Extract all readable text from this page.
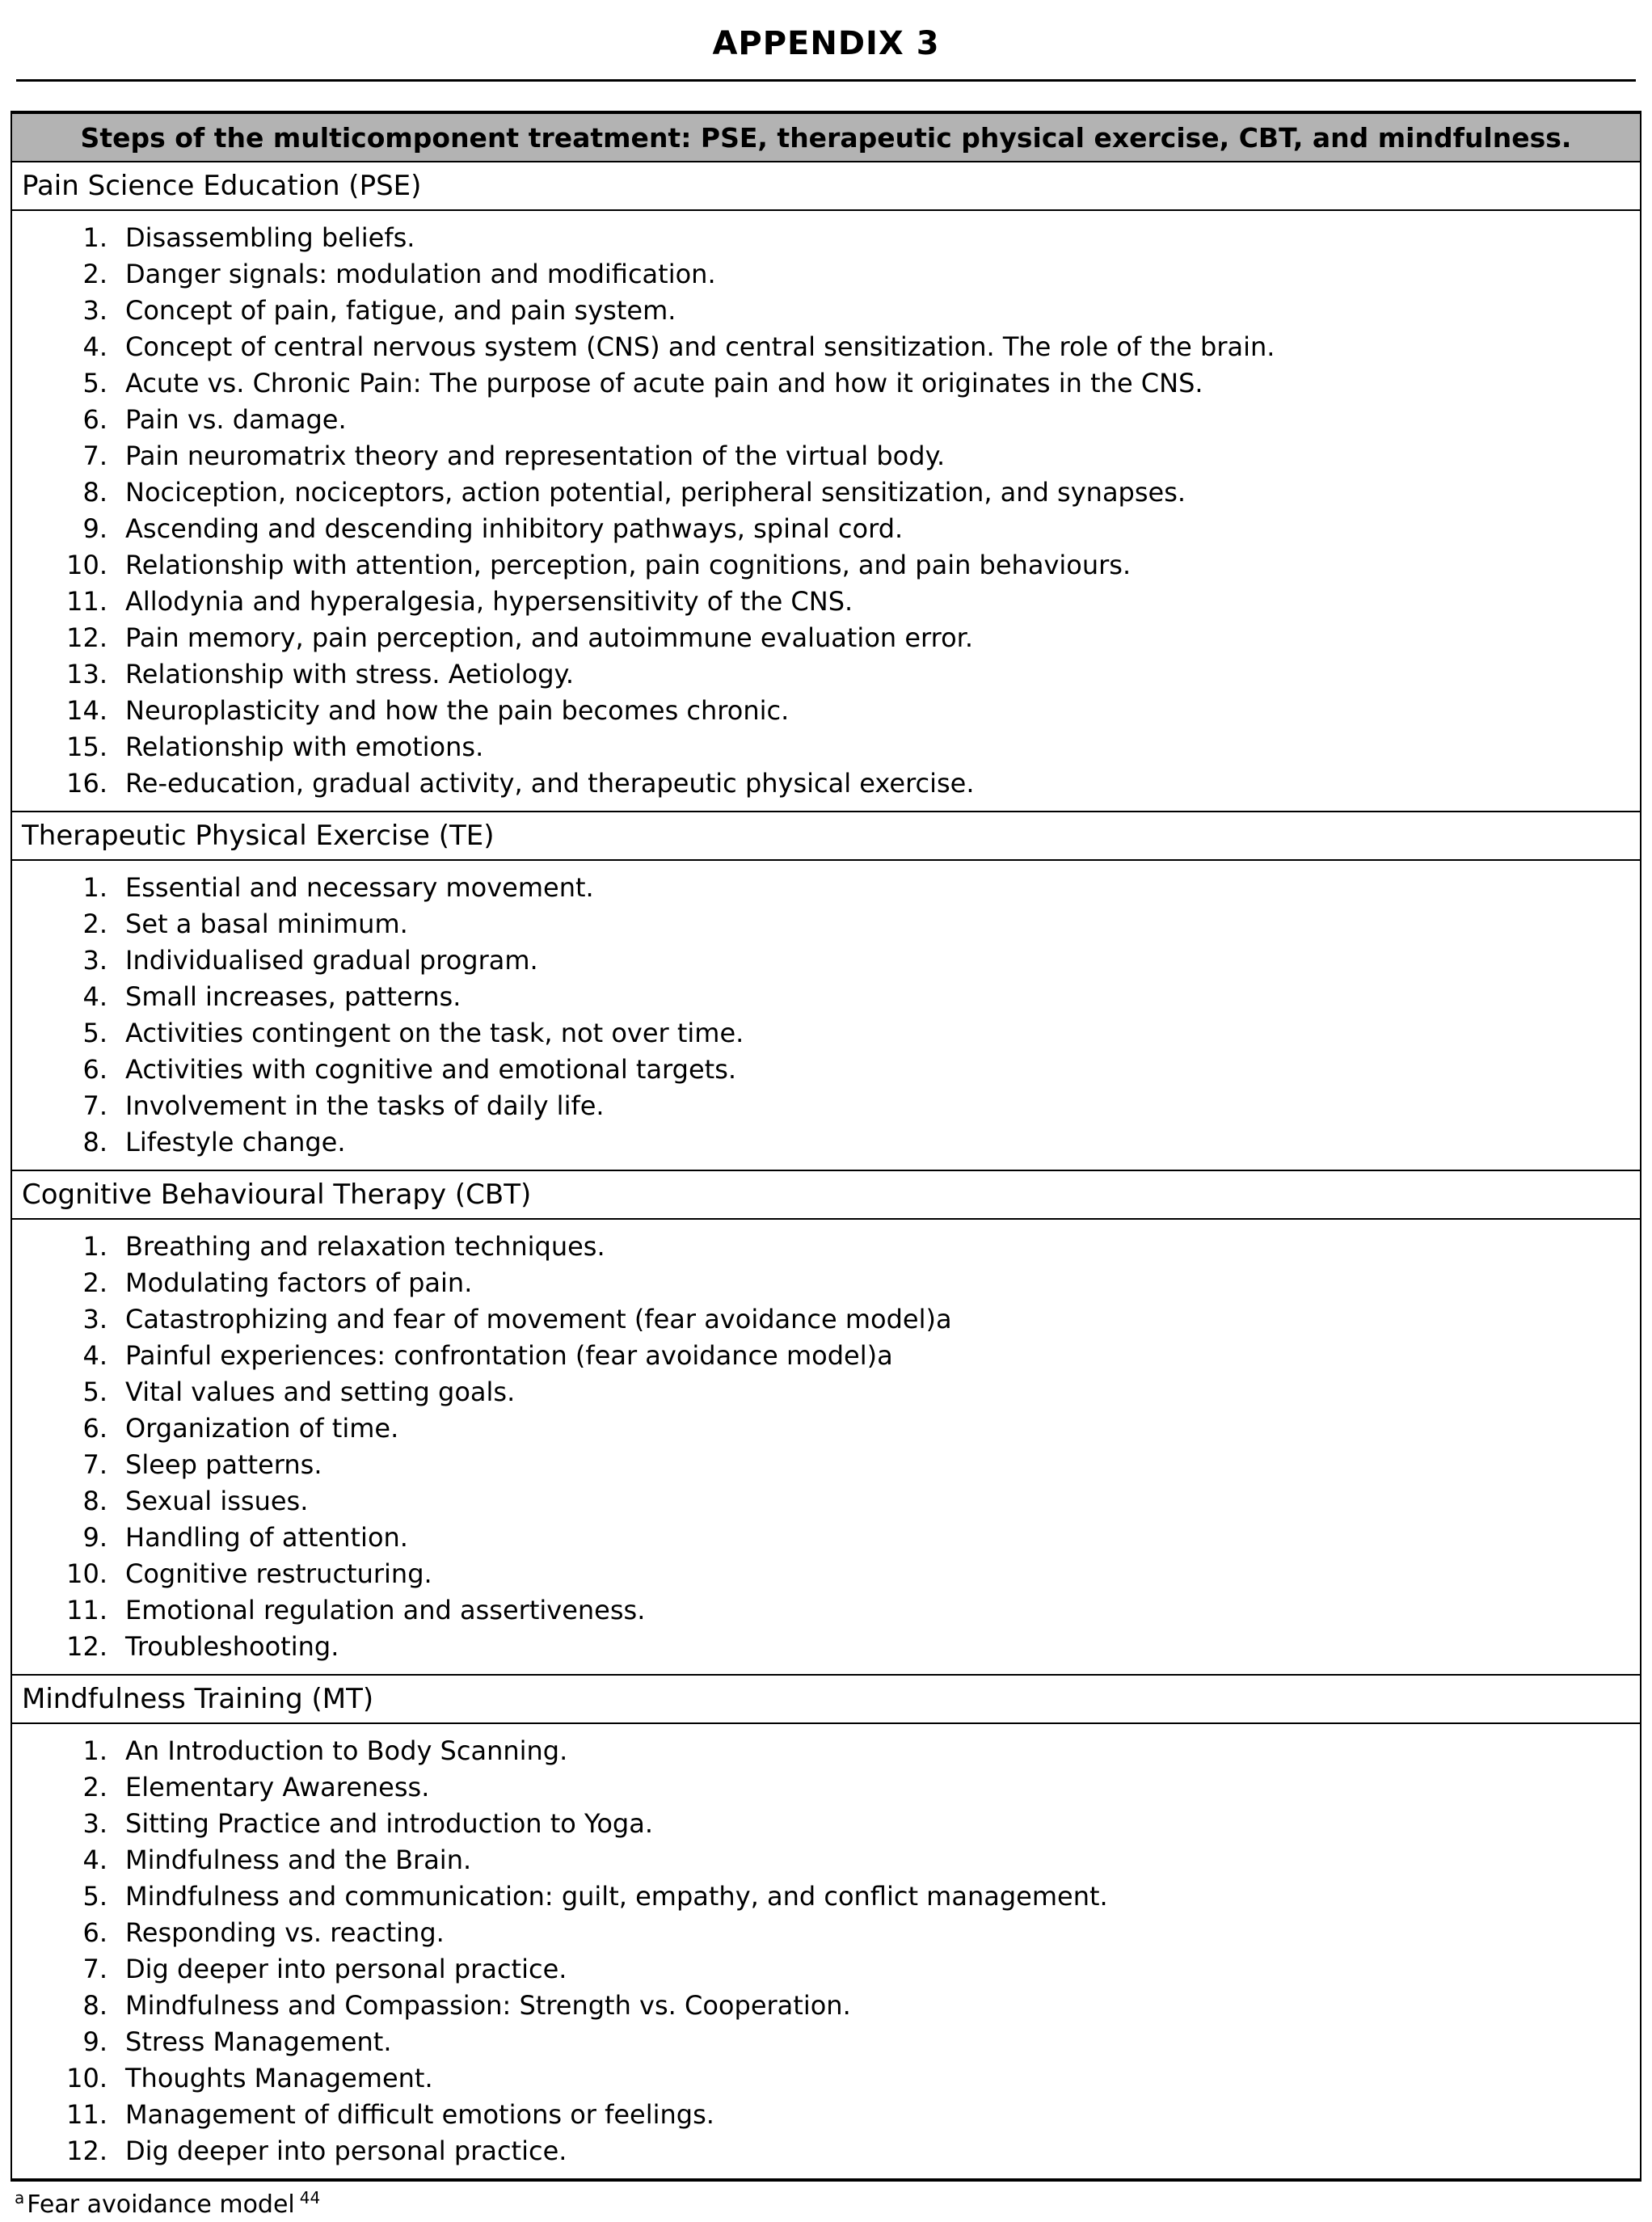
APPENDIX 3
Steps of the multicomponent treatment: PSE, therapeutic physical exercise, CBT, and mindfulness.
Pain Science Education (PSE)
1. Disassembling beliefs.
2. Danger signals: modulation and modification.
3. Concept of pain, fatigue, and pain system.
4. Concept of central nervous system (CNS) and central sensitization. The role of the brain.
5. Acute vs. Chronic Pain: The purpose of acute pain and how it originates in the CNS.
6. Pain vs. damage.
7. Pain neuromatrix theory and representation of the virtual body.
8. Nociception, nociceptors, action potential, peripheral sensitization, and synapses.
9. Ascending and descending inhibitory pathways, spinal cord.
10. Relationship with attention, perception, pain cognitions, and pain behaviours.
11. Allodynia and hyperalgesia, hypersensitivity of the CNS.
12. Pain memory, pain perception, and autoimmune evaluation error.
13. Relationship with stress. Aetiology.
14. Neuroplasticity and how the pain becomes chronic.
15. Relationship with emotions.
16. Re-education, gradual activity, and therapeutic physical exercise.
Therapeutic Physical Exercise (TE)
1. Essential and necessary movement.
2. Set a basal minimum.
3. Individualised gradual program.
4. Small increases, patterns.
5. Activities contingent on the task, not over time.
6. Activities with cognitive and emotional targets.
7. Involvement in the tasks of daily life.
8. Lifestyle change.
Cognitive Behavioural Therapy (CBT)
1. Breathing and relaxation techniques.
2. Modulating factors of pain.
3. Catastrophizing and fear of movement (fear avoidance model)a
4. Painful experiences: confrontation (fear avoidance model)a
5. Vital values and setting goals.
6. Organization of time.
7. Sleep patterns.
8. Sexual issues.
9. Handling of attention.
10. Cognitive restructuring.
11. Emotional regulation and assertiveness.
12. Troubleshooting.
Mindfulness Training (MT)
1. An Introduction to Body Scanning.
2. Elementary Awareness.
3. Sitting Practice and introduction to Yoga.
4. Mindfulness and the Brain.
5. Mindfulness and communication: guilt, empathy, and conflict management.
6. Responding vs. reacting.
7. Dig deeper into personal practice.
8. Mindfulness and Compassion: Strength vs. Cooperation.
9. Stress Management.
10. Thoughts Management.
11. Management of difficult emotions or feelings.
12. Dig deeper into personal practice.
$^a$ Fear avoidance model $^{44}$
